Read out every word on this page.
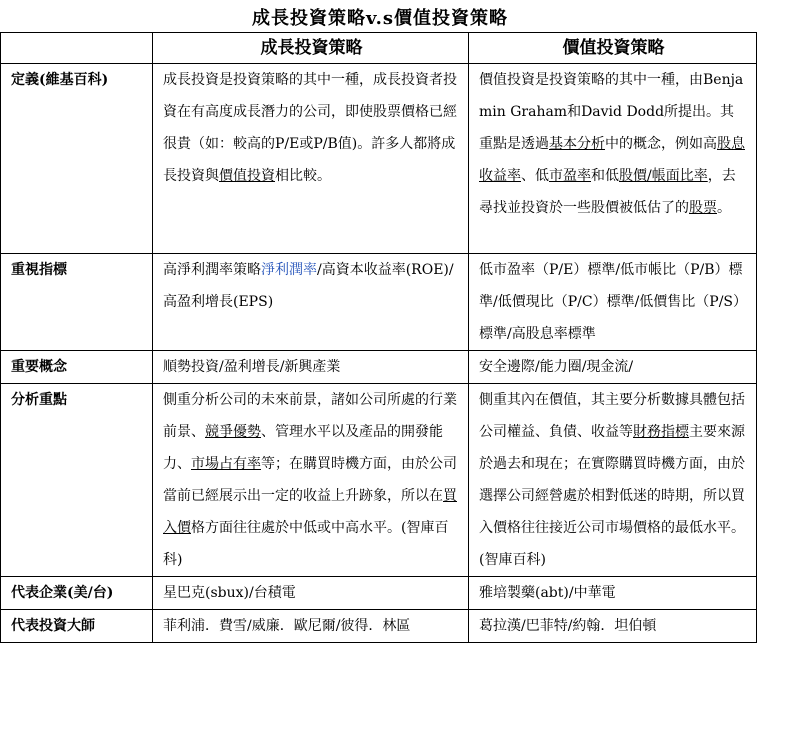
成長投資策略v.s價值投資策略
	成長投資策略	價值投資策略
定義(維基百科)	成長投資是投資策略的其中一種，成長投資者投資在有高度成長潛力的公司，即使股票價格已經很貴（如：較高的P/E或P/B值)。許多人都將成長投資與價值投資相比較。	價值投資是投資策略的其中一種，由Benjamin Graham和David Dodd所提出。其重點是透過基本分析中的概念，例如高股息收益率、低市盈率和低股價/帳面比率，去尋找並投資於一些股價被低估了的股票。
重視指標	高淨利潤率策略淨利潤率/高資本收益率(ROE)/ 高盈利增長(EPS)	低市盈率（P/E）標準/低市帳比（P/B）標準/低價現比（P/C）標準/低價售比（P/S）標準/高股息率標準
重要概念	順勢投資/盈利增長/新興產業	安全邊際/能力圈/現金流/
分析重點	側重分析公司的未來前景，諸如公司所處的行業前景、競爭優勢、管理水平以及產品的開發能力、市場占有率等；在購買時機方面，由於公司當前已經展示出一定的收益上升跡象，所以在買入價格方面往往處於中低或中高水平。(智庫百科)	側重其內在價值，其主要分析數據具體包括公司權益、負債、收益等財務指標主要來源於過去和現在；在實際購買時機方面，由於選擇公司經營處於相對低迷的時期，所以買入價格往往接近公司市場價格的最低水平。(智庫百科)
代表企業(美/台)	星巴克(sbux)/台積電	雅培製藥(abt)/中華電
代表投資大師	菲利浦．費雪/威廉．歐尼爾/彼得．林區	葛拉漢/巴菲特/約翰．坦伯頓
